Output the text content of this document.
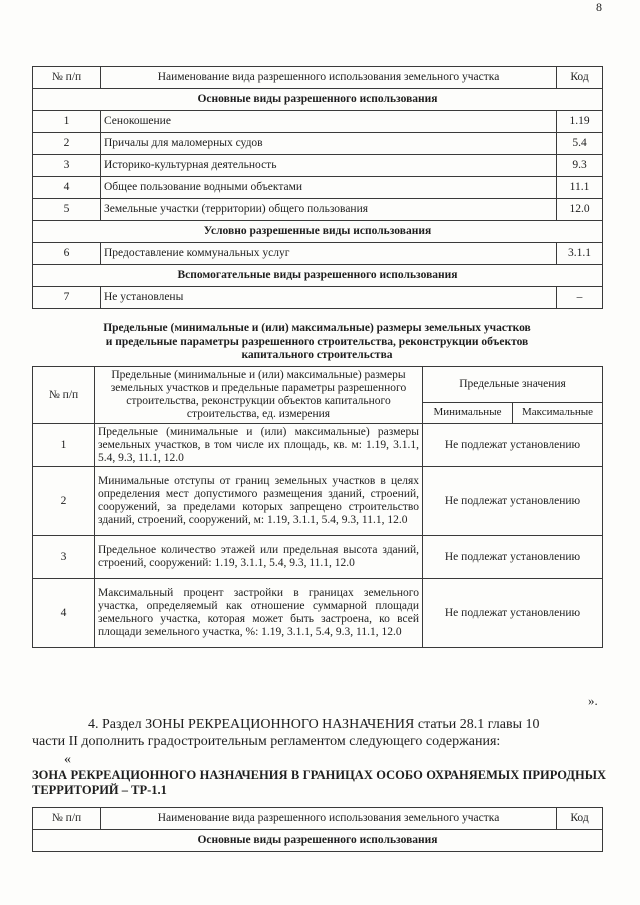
8
№ п/п	Наименование вида разрешенного использования земельного участка	Код
Основные виды разрешенного использования		
1	Сенокошение	1.19
2	Причалы для маломерных судов	5.4
3	Историко-культурная деятельность	9.3
4	Общее пользование водными объектами	11.1
5	Земельные участки (территории) общего пользования	12.0
Условно разрешенные виды использования		
6	Предоставление коммунальных услуг	3.1.1
Вспомогательные виды разрешенного использования		
7	Не установлены	–
Предельные (минимальные и (или) максимальные) размеры земельных участков
и предельные параметры разрешенного строительства, реконструкции объектов
капитального строительства
№ п/п	Предельные (минимальные и (или) максимальные) размеры земельных участков и предельные параметры разрешенного строительства, реконструкции объектов капитального строительства, ед. измерения	Предельные значения	
		Минимальные	Максимальные
1	Предельные (минимальные и (или) максимальные) размеры земельных участков, в том числе их площадь, кв. м: 1.19, 3.1.1, 5.4, 9.3, 11.1, 12.0	Не подлежат установлению	
2	Минимальные отступы от границ земельных участков в целях определения мест допустимого размещения зданий, строений, сооружений, за пределами которых запрещено строительство зданий, строений, сооружений, м: 1.19, 3.1.1, 5.4, 9.3, 11.1, 12.0	Не подлежат установлению	
3	Предельное количество этажей или предельная высота зданий, строений, сооружений: 1.19, 3.1.1, 5.4, 9.3, 11.1, 12.0	Не подлежат установлению	
4	Максимальный процент застройки в границах земельного участка, определяемый как отношение суммарной площади земельного участка, которая может быть застроена, ко всей площади земельного участка, %: 1.19, 3.1.1, 5.4, 9.3, 11.1, 12.0	Не подлежат установлению	
».
4. Раздел ЗОНЫ РЕКРЕАЦИОННОГО НАЗНАЧЕНИЯ статьи 28.1 главы 10
части II дополнить градостроительным регламентом следующего содержания:
«
ЗОНА РЕКРЕАЦИОННОГО НАЗНАЧЕНИЯ В ГРАНИЦАХ ОСОБО ОХРАНЯЕМЫХ ПРИРОДНЫХ ТЕРРИТОРИЙ – ТР-1.1
№ п/п	Наименование вида разрешенного использования земельного участка	Код
Основные виды разрешенного использования
